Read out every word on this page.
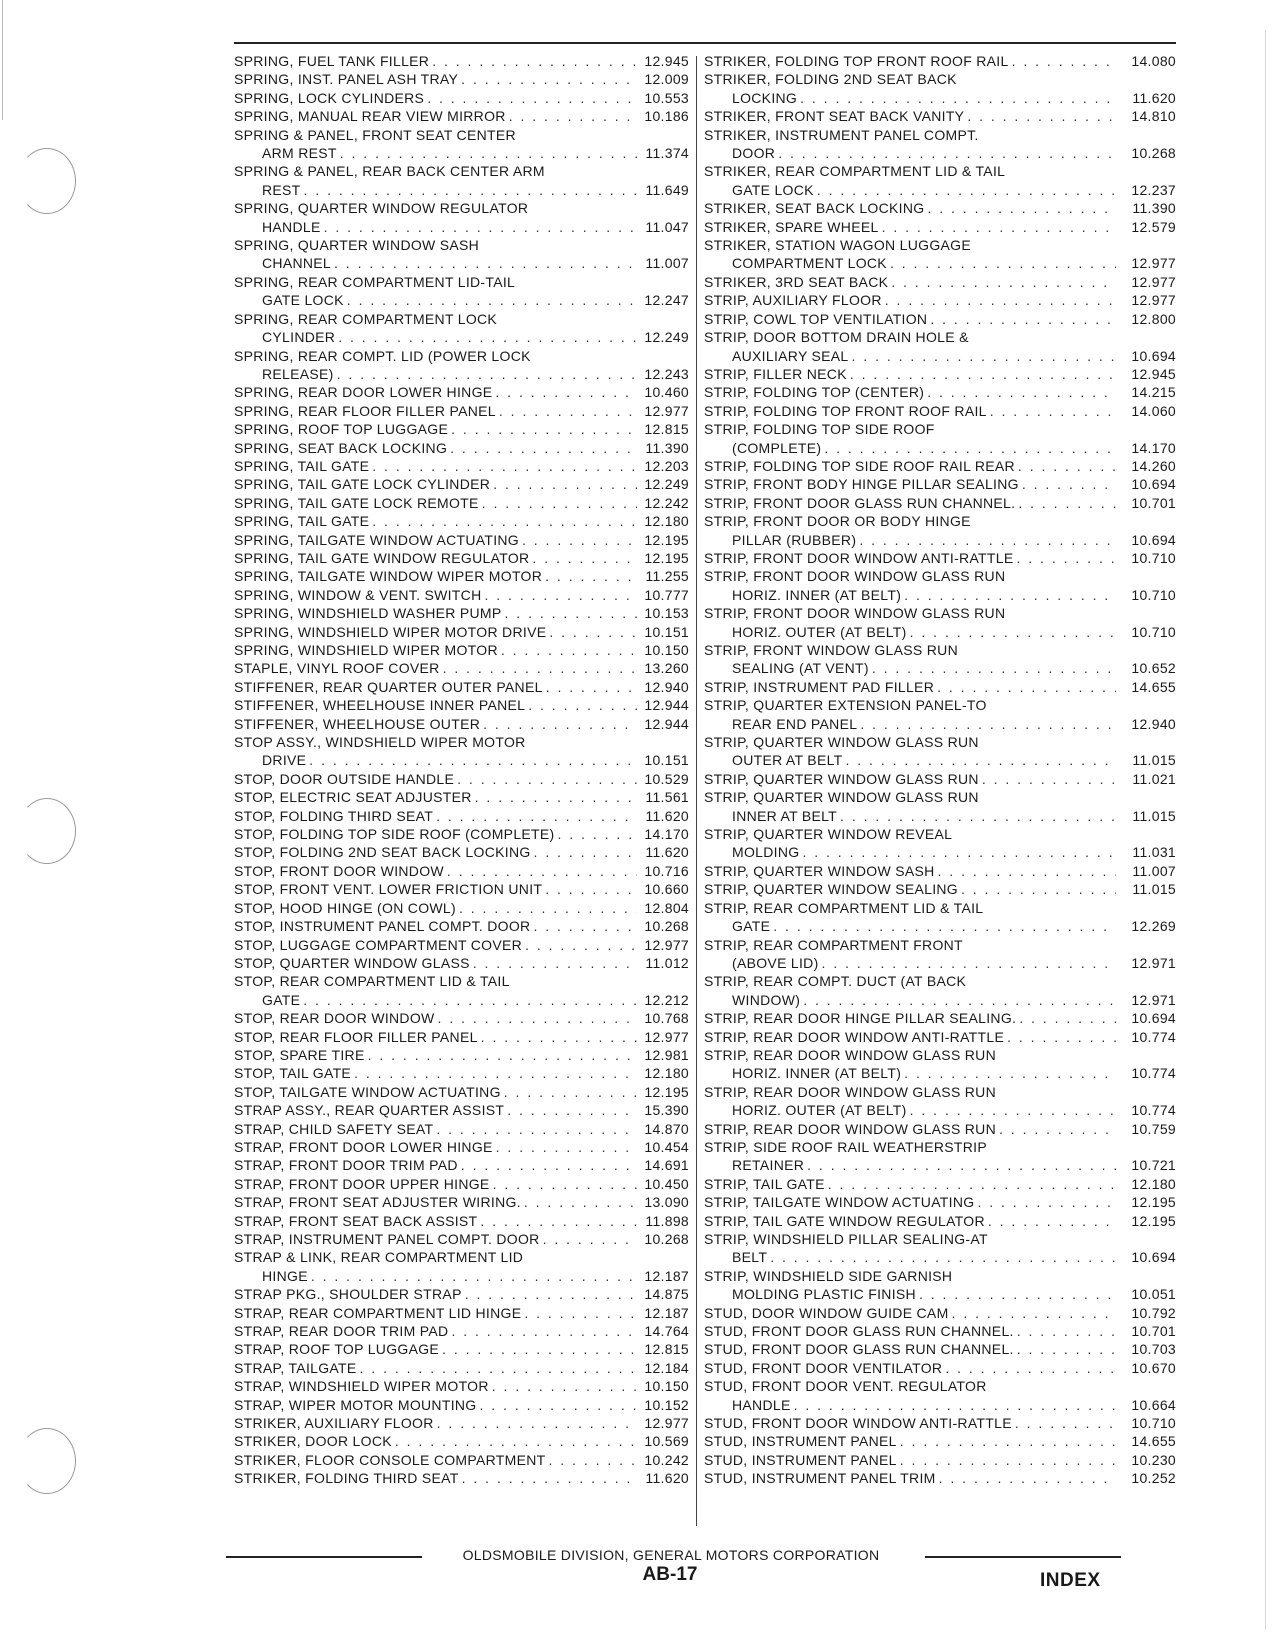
SPRING, FUEL TANK FILLER . . .	12.945
SPRING, INST. PANEL ASH TRAY . . .	12.009
SPRING, LOCK CYLINDERS . . .	10.553
SPRING, MANUAL REAR VIEW MIRROR . . .	10.186
SPRING & PANEL, FRONT SEAT CENTER
ARM REST . . .	11.374
SPRING & PANEL, REAR BACK CENTER ARM
REST . . .	11.649
SPRING, QUARTER WINDOW REGULATOR
HANDLE . . .	11.047
SPRING, QUARTER WINDOW SASH
CHANNEL . . .	11.007
SPRING, REAR COMPARTMENT LID-TAIL
GATE LOCK . . .	12.247
SPRING, REAR COMPARTMENT LOCK
CYLINDER . . .	12.249
SPRING, REAR COMPT. LID (POWER LOCK
RELEASE) . . .	12.243
SPRING, REAR DOOR LOWER HINGE . . .	10.460
SPRING, REAR FLOOR FILLER PANEL . . .	12.977
SPRING, ROOF TOP LUGGAGE . . .	12.815
SPRING, SEAT BACK LOCKING . . .	11.390
SPRING, TAIL GATE . . .	12.203
SPRING, TAIL GATE LOCK CYLINDER . . .	12.249
SPRING, TAIL GATE LOCK REMOTE . . .	12.242
SPRING, TAIL GATE . . .	12.180
SPRING, TAILGATE WINDOW ACTUATING . . .	12.195
SPRING, TAIL GATE WINDOW REGULATOR . . .	12.195
SPRING, TAILGATE WINDOW WIPER MOTOR . . .	11.255
SPRING, WINDOW & VENT. SWITCH . . .	10.777
SPRING, WINDSHIELD WASHER PUMP . . .	10.153
SPRING, WINDSHIELD WIPER MOTOR DRIVE . . .	10.151
SPRING, WINDSHIELD WIPER MOTOR . . .	10.150
STAPLE, VINYL ROOF COVER . . .	13.260
STIFFENER, REAR QUARTER OUTER PANEL . . .	12.940
STIFFENER, WHEELHOUSE INNER PANEL . . .	12.944
STIFFENER, WHEELHOUSE OUTER . . .	12.944
STOP ASSY., WINDSHIELD WIPER MOTOR
DRIVE . . .	10.151
STOP, DOOR OUTSIDE HANDLE . . .	10.529
STOP, ELECTRIC SEAT ADJUSTER . . .	11.561
STOP, FOLDING THIRD SEAT . . .	11.620
STOP, FOLDING TOP SIDE ROOF (COMPLETE) . . .	14.170
STOP, FOLDING 2ND SEAT BACK LOCKING . . .	11.620
STOP, FRONT DOOR WINDOW . . .	10.716
STOP, FRONT VENT. LOWER FRICTION UNIT . . .	10.660
STOP, HOOD HINGE (ON COWL) . . .	12.804
STOP, INSTRUMENT PANEL COMPT. DOOR . . .	10.268
STOP, LUGGAGE COMPARTMENT COVER . . .	12.977
STOP, QUARTER WINDOW GLASS . . .	11.012
STOP, REAR COMPARTMENT LID & TAIL
GATE . . .	12.212
STOP, REAR DOOR WINDOW . . .	10.768
STOP, REAR FLOOR FILLER PANEL . . .	12.977
STOP, SPARE TIRE . . .	12.981
STOP, TAIL GATE . . .	12.180
STOP, TAILGATE WINDOW ACTUATING . . .	12.195
STRAP ASSY., REAR QUARTER ASSIST . . .	15.390
STRAP, CHILD SAFETY SEAT . . .	14.870
STRAP, FRONT DOOR LOWER HINGE . . .	10.454
STRAP, FRONT DOOR TRIM PAD . . .	14.691
STRAP, FRONT DOOR UPPER HINGE . . .	10.450
STRAP, FRONT SEAT ADJUSTER WIRING. . . .	13.090
STRAP, FRONT SEAT BACK ASSIST . . .	11.898
STRAP, INSTRUMENT PANEL COMPT. DOOR . . .	10.268
STRAP & LINK, REAR COMPARTMENT LID
HINGE . . .	12.187
STRAP PKG., SHOULDER STRAP . . .	14.875
STRAP, REAR COMPARTMENT LID HINGE . . .	12.187
STRAP, REAR DOOR TRIM PAD . . .	14.764
STRAP, ROOF TOP LUGGAGE . . .	12.815
STRAP, TAILGATE . . .	12.184
STRAP, WINDSHIELD WIPER MOTOR . . .	10.150
STRAP, WIPER MOTOR MOUNTING . . .	10.152
STRIKER, AUXILIARY FLOOR . . .	12.977
STRIKER, DOOR LOCK . . .	10.569
STRIKER, FLOOR CONSOLE COMPARTMENT . . .	10.242
STRIKER, FOLDING THIRD SEAT . . .	11.620
STRIKER, FOLDING TOP FRONT ROOF RAIL . . .	14.080
STRIKER, FOLDING 2ND SEAT BACK
LOCKING . . .	11.620
STRIKER, FRONT SEAT BACK VANITY . . .	14.810
STRIKER, INSTRUMENT PANEL COMPT.
DOOR . . .	10.268
STRIKER, REAR COMPARTMENT LID & TAIL
GATE LOCK . . .	12.237
STRIKER, SEAT BACK LOCKING . . .	11.390
STRIKER, SPARE WHEEL . . .	12.579
STRIKER, STATION WAGON LUGGAGE
COMPARTMENT LOCK . . .	12.977
STRIKER, 3RD SEAT BACK . . .	12.977
STRIP, AUXILIARY FLOOR . . .	12.977
STRIP, COWL TOP VENTILATION . . .	12.800
STRIP, DOOR BOTTOM DRAIN HOLE &
AUXILIARY SEAL . . .	10.694
STRIP, FILLER NECK . . .	12.945
STRIP, FOLDING TOP (CENTER) . . .	14.215
STRIP, FOLDING TOP FRONT ROOF RAIL . . .	14.060
STRIP, FOLDING TOP SIDE ROOF
(COMPLETE) . . .	14.170
STRIP, FOLDING TOP SIDE ROOF RAIL REAR . . .	14.260
STRIP, FRONT BODY HINGE PILLAR SEALING . . .	10.694
STRIP, FRONT DOOR GLASS RUN CHANNEL. . . .	10.701
STRIP, FRONT DOOR OR BODY HINGE
PILLAR (RUBBER) . . .	10.694
STRIP, FRONT DOOR WINDOW ANTI-RATTLE . . .	10.710
STRIP, FRONT DOOR WINDOW GLASS RUN
HORIZ. INNER (AT BELT) . . .	10.710
STRIP, FRONT DOOR WINDOW GLASS RUN
HORIZ. OUTER (AT BELT) . . .	10.710
STRIP, FRONT WINDOW GLASS RUN
SEALING (AT VENT) . . .	10.652
STRIP, INSTRUMENT PAD FILLER . . .	14.655
STRIP, QUARTER EXTENSION PANEL-TO
REAR END PANEL . . .	12.940
STRIP, QUARTER WINDOW GLASS RUN
OUTER AT BELT . . .	11.015
STRIP, QUARTER WINDOW GLASS RUN . . .	11.021
STRIP, QUARTER WINDOW GLASS RUN
INNER AT BELT . . .	11.015
STRIP, QUARTER WINDOW REVEAL
MOLDING . . .	11.031
STRIP, QUARTER WINDOW SASH . . .	11.007
STRIP, QUARTER WINDOW SEALING . . .	11.015
STRIP, REAR COMPARTMENT LID & TAIL
GATE . . .	12.269
STRIP, REAR COMPARTMENT FRONT
(ABOVE LID) . . .	12.971
STRIP, REAR COMPT. DUCT (AT BACK
WINDOW) . . .	12.971
STRIP, REAR DOOR HINGE PILLAR SEALING. . . .	10.694
STRIP, REAR DOOR WINDOW ANTI-RATTLE . . .	10.774
STRIP, REAR DOOR WINDOW GLASS RUN
HORIZ. INNER (AT BELT) . . .	10.774
STRIP, REAR DOOR WINDOW GLASS RUN
HORIZ. OUTER (AT BELT) . . .	10.774
STRIP, REAR DOOR WINDOW GLASS RUN . . .	10.759
STRIP, SIDE ROOF RAIL WEATHERSTRIP
RETAINER . . .	10.721
STRIP, TAIL GATE . . .	12.180
STRIP, TAILGATE WINDOW ACTUATING . . .	12.195
STRIP, TAIL GATE WINDOW REGULATOR . . .	12.195
STRIP, WINDSHIELD PILLAR SEALING-AT
BELT . . .	10.694
STRIP, WINDSHIELD SIDE GARNISH
MOLDING PLASTIC FINISH . . .	10.051
STUD, DOOR WINDOW GUIDE CAM . . .	10.792
STUD, FRONT DOOR GLASS RUN CHANNEL. . . .	10.701
STUD, FRONT DOOR GLASS RUN CHANNEL. . . .	10.703
STUD, FRONT DOOR VENTILATOR . . .	10.670
STUD, FRONT DOOR VENT. REGULATOR
HANDLE . . .	10.664
STUD, FRONT DOOR WINDOW ANTI-RATTLE . . .	10.710
STUD, INSTRUMENT PANEL . . .	14.655
STUD, INSTRUMENT PANEL . . .	10.230
STUD, INSTRUMENT PANEL TRIM . . .	10.252
OLDSMOBILE DIVISION, GENERAL MOTORS CORPORATION
AB-17	INDEX
